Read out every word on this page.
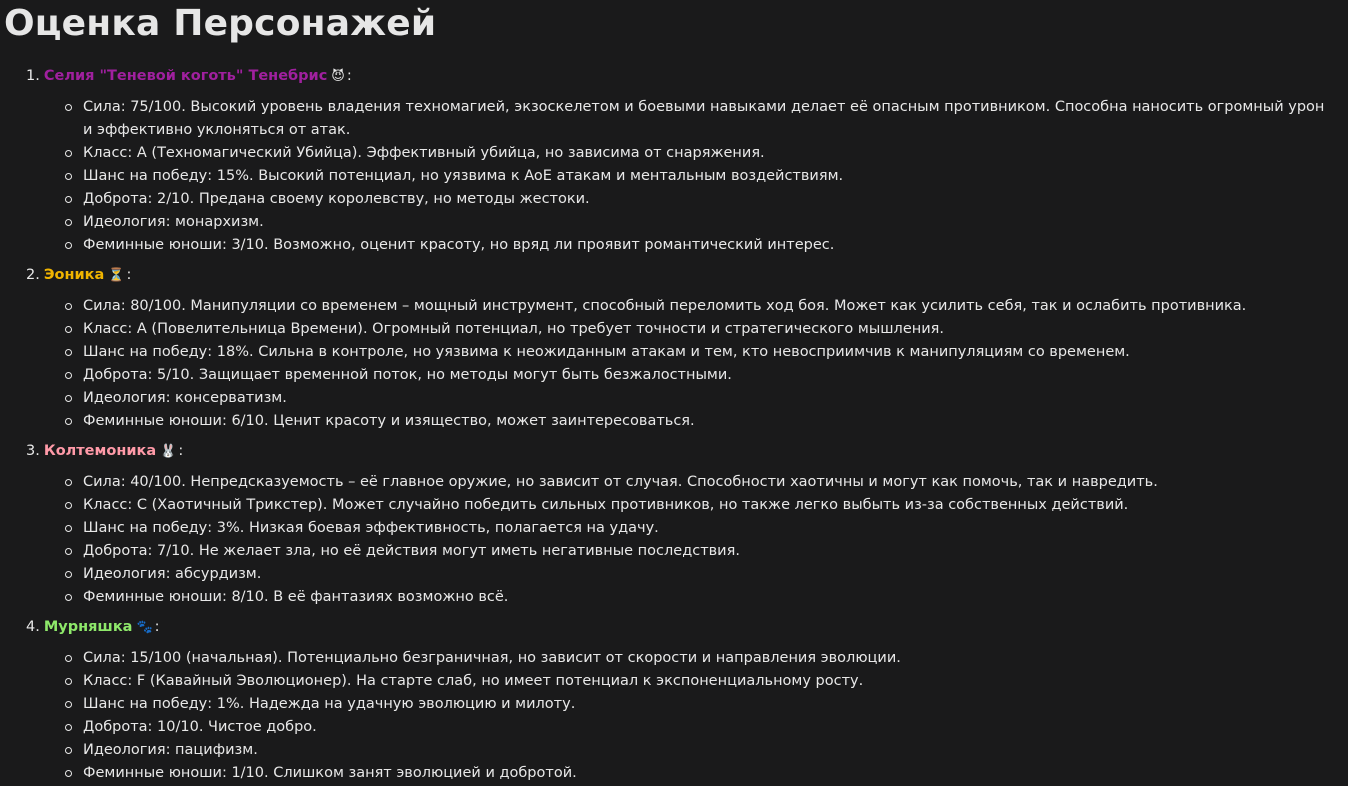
Оценка Персонажей
1. Селия "Теневой коготь" Тенебрис 😈 :
Сила: 75/100. Высокий уровень владения техномагией, экзоскелетом и боевыми навыками делает её опасным противником. Способна наносить огромный урон и эффективно уклоняться от атак.
Класс: A (Техномагический Убийца). Эффективный убийца, но зависима от снаряжения.
Шанс на победу: 15%. Высокий потенциал, но уязвима к AoE атакам и ментальным воздействиям.
Доброта: 2/10. Предана своему королевству, но методы жестоки.
Идеология: монархизм.
Феминные юноши: 3/10. Возможно, оценит красоту, но вряд ли проявит романтический интерес.
2. Эоника ⏳ :
Сила: 80/100. Манипуляции со временем – мощный инструмент, способный переломить ход боя. Может как усилить себя, так и ослабить противника.
Класс: A (Повелительница Времени). Огромный потенциал, но требует точности и стратегического мышления.
Шанс на победу: 18%. Сильна в контроле, но уязвима к неожиданным атакам и тем, кто невосприимчив к манипуляциям со временем.
Доброта: 5/10. Защищает временной поток, но методы могут быть безжалостными.
Идеология: консерватизм.
Феминные юноши: 6/10. Ценит красоту и изящество, может заинтересоваться.
3. Колтемоника 🐰 :
Сила: 40/100. Непредсказуемость – её главное оружие, но зависит от случая. Способности хаотичны и могут как помочь, так и навредить.
Класс: C (Хаотичный Трикстер). Может случайно победить сильных противников, но также легко выбыть из-за собственных действий.
Шанс на победу: 3%. Низкая боевая эффективность, полагается на удачу.
Доброта: 7/10. Не желает зла, но её действия могут иметь негативные последствия.
Идеология: абсурдизм.
Феминные юноши: 8/10. В её фантазиях возможно всё.
4. Мурняшка 🐾 :
Сила: 15/100 (начальная). Потенциально безграничная, но зависит от скорости и направления эволюции.
Класс: F (Кавайный Эволюционер). На старте слаб, но имеет потенциал к экспоненциальному росту.
Шанс на победу: 1%. Надежда на удачную эволюцию и милоту.
Доброта: 10/10. Чистое добро.
Идеология: пацифизм.
Феминные юноши: 1/10. Слишком занят эволюцией и добротой.
